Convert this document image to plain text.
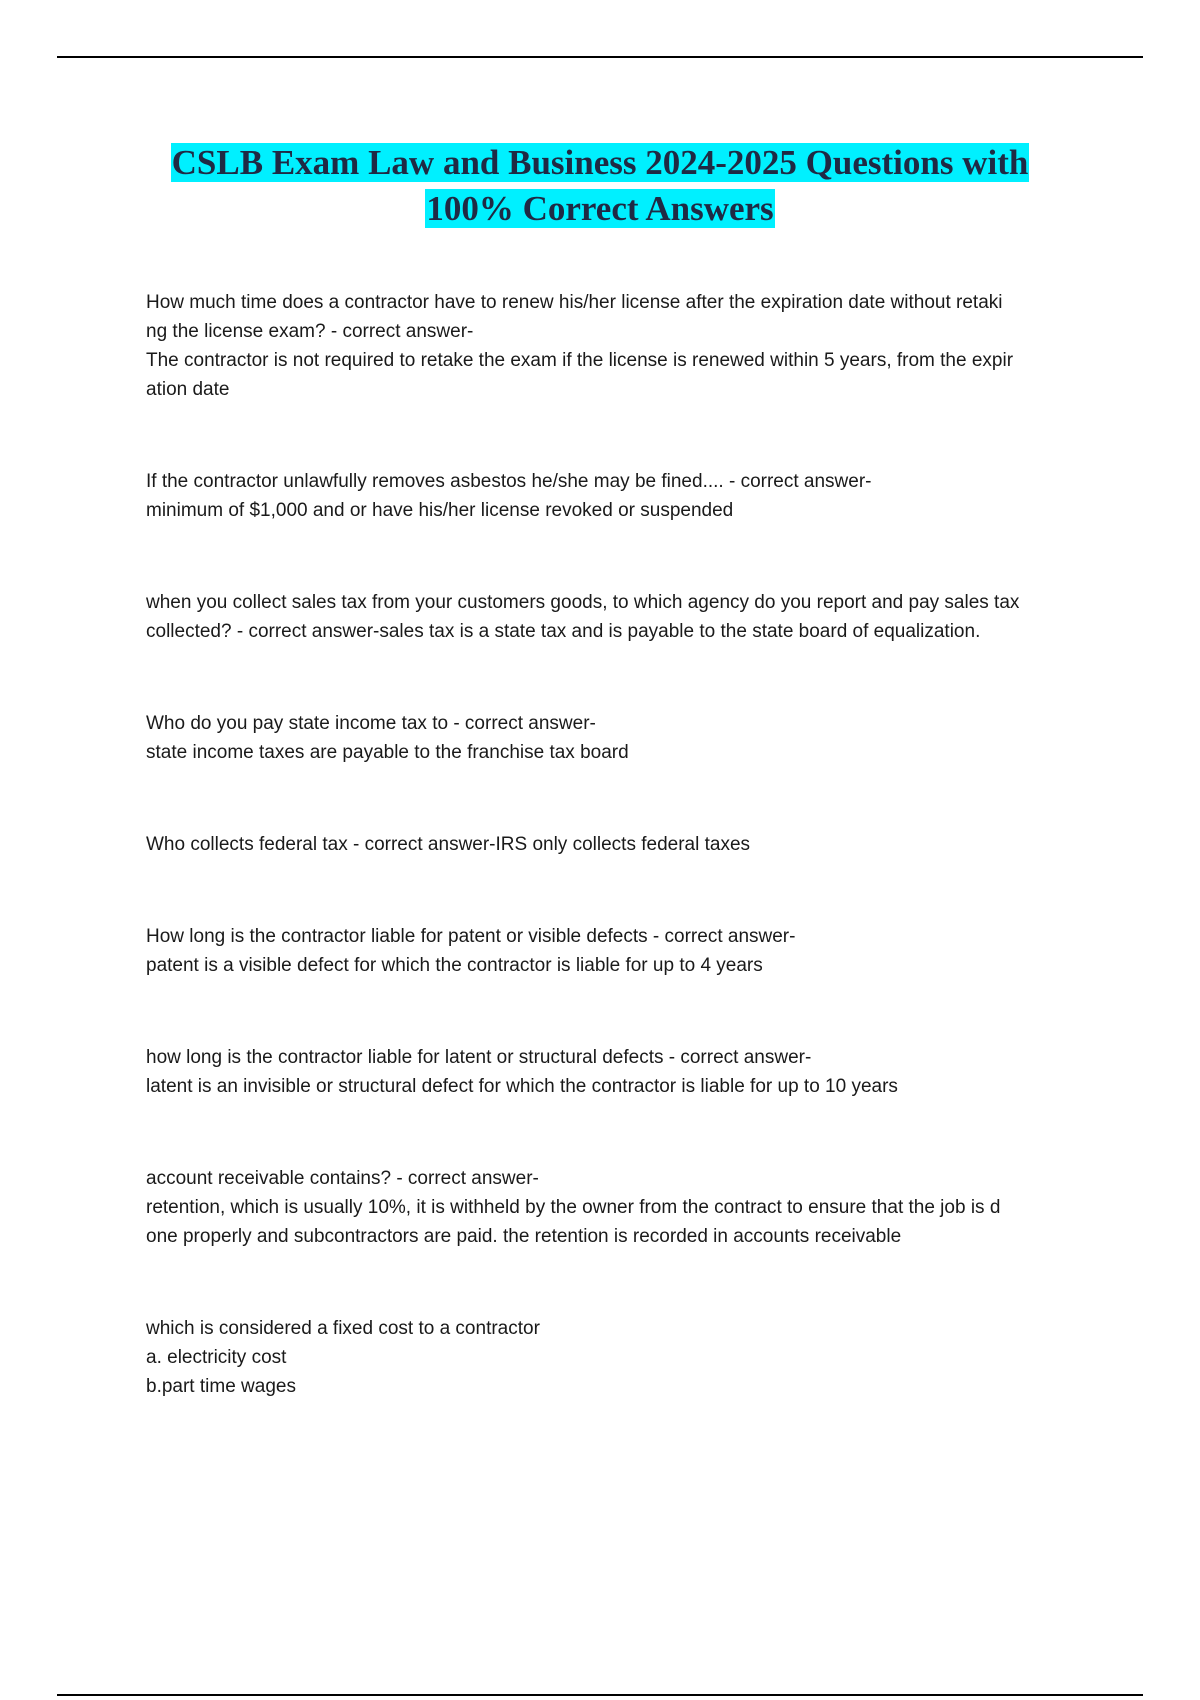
CSLB Exam Law and Business 2024-2025 Questions with
100% Correct Answers

How much time does a contractor have to renew his/her license after the expiration date without retaki

ng the license exam? - correct answer-

The contractor is not required to retake the exam if the license is renewed within 5 years, from the expir

ation date

If the contractor unlawfully removes asbestos he/she may be fined.... - correct answer-

minimum of $1,000 and or have his/her license revoked or suspended

when you collect sales tax from your customers goods, to which agency do you report and pay sales tax

collected? - correct answer-sales tax is a state tax and is payable to the state board of equalization.

Who do you pay state income tax to - correct answer-

state income taxes are payable to the franchise tax board

Who collects federal tax - correct answer-IRS only collects federal taxes

How long is the contractor liable for patent or visible defects - correct answer-

patent is a visible defect for which the contractor is liable for up to 4 years

how long is the contractor liable for latent or structural defects - correct answer-

latent is an invisible or structural defect for which the contractor is liable for up to 10 years

account receivable contains? - correct answer-

retention, which is usually 10%, it is withheld by the owner from the contract to ensure that the job is d

one properly and subcontractors are paid. the retention is recorded in accounts receivable

which is considered a fixed cost to a contractor

a. electricity cost

b.part time wages
